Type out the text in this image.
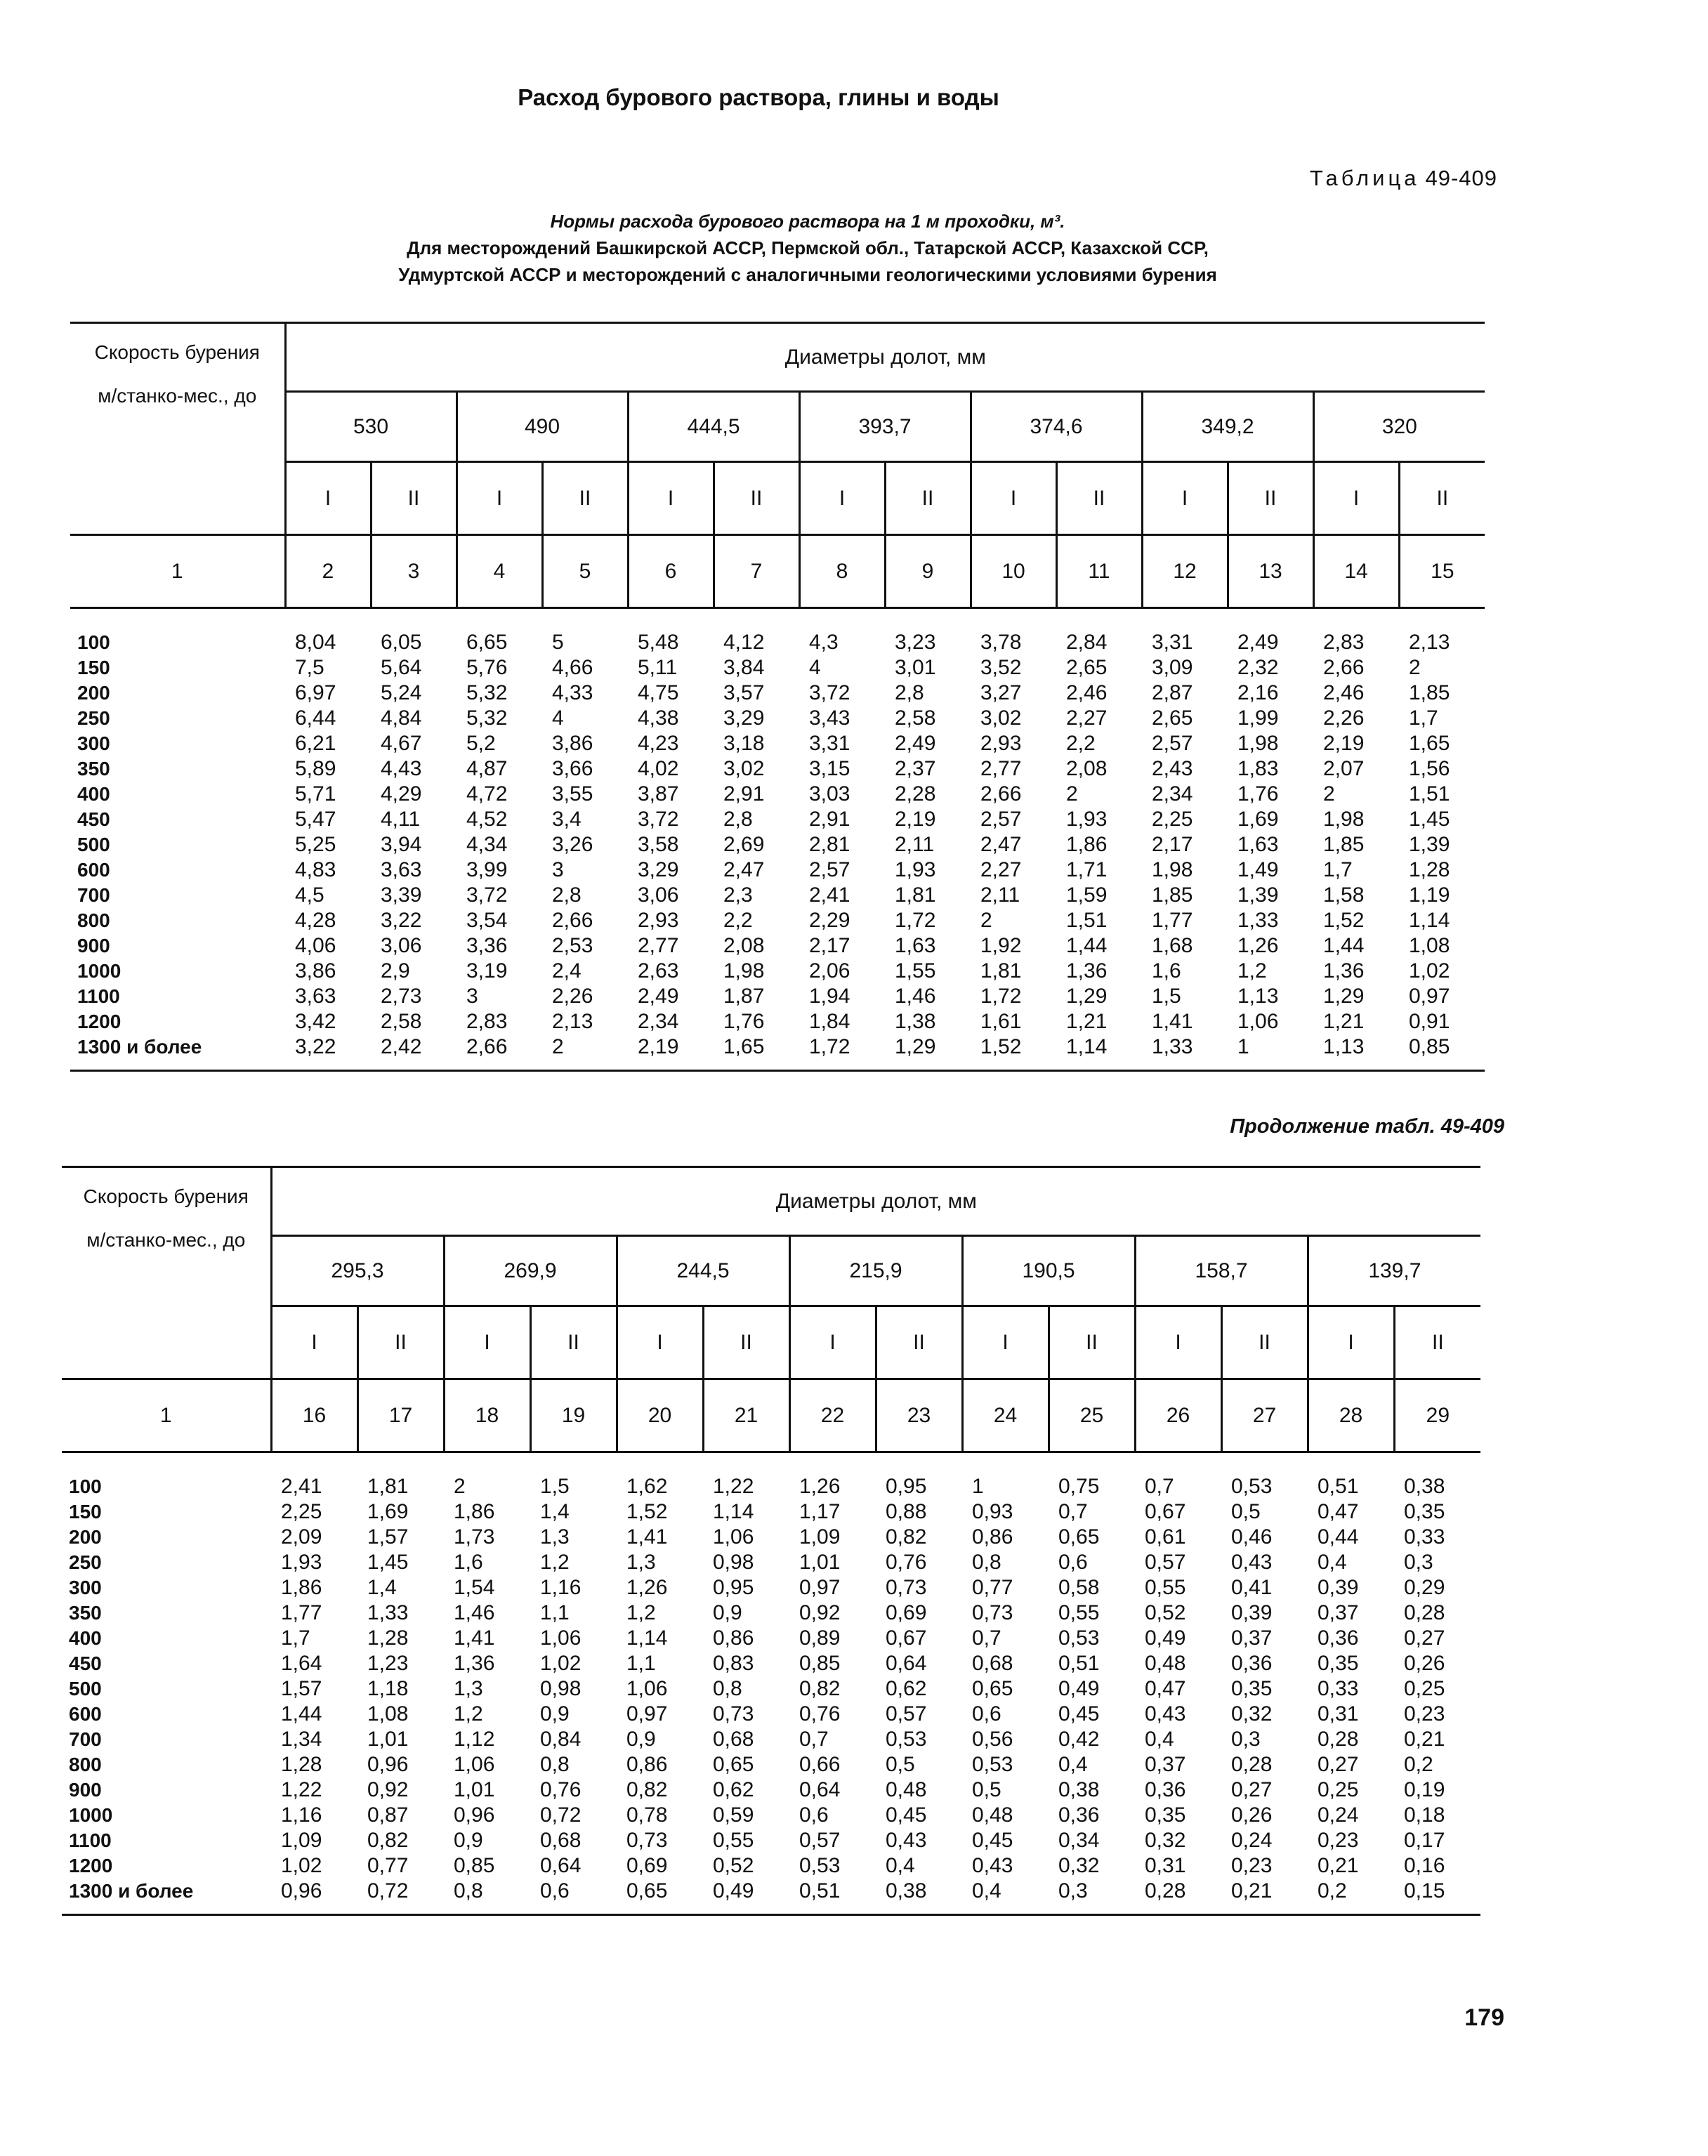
Расход бурового раствора, глины и воды
Таблица 49-409
Нормы расхода бурового раствора на 1 м проходки, м³.
Для месторождений Башкирской АССР, Пермской обл., Татарской АССР, Казахской ССР,
Удмуртской АССР и месторождений с аналогичными геологическими условиями бурения
Скорость бурения
м/станко-мес., до	Диаметры долот, мм													
	530		490		444,5		393,7		374,6		349,2		320	
	I	II	I	II	I	II	I	II	I	II	I	II	I	II
1	2	3	4	5	6	7	8	9	10	11	12	13	14	15
100	8,04	6,05	6,65	5	5,48	4,12	4,3	3,23	3,78	2,84	3,31	2,49	2,83	2,13
150	7,5	5,64	5,76	4,66	5,11	3,84	4	3,01	3,52	2,65	3,09	2,32	2,66	2
200	6,97	5,24	5,32	4,33	4,75	3,57	3,72	2,8	3,27	2,46	2,87	2,16	2,46	1,85
250	6,44	4,84	5,32	4	4,38	3,29	3,43	2,58	3,02	2,27	2,65	1,99	2,26	1,7
300	6,21	4,67	5,2	3,86	4,23	3,18	3,31	2,49	2,93	2,2	2,57	1,98	2,19	1,65
350	5,89	4,43	4,87	3,66	4,02	3,02	3,15	2,37	2,77	2,08	2,43	1,83	2,07	1,56
400	5,71	4,29	4,72	3,55	3,87	2,91	3,03	2,28	2,66	2	2,34	1,76	2	1,51
450	5,47	4,11	4,52	3,4	3,72	2,8	2,91	2,19	2,57	1,93	2,25	1,69	1,98	1,45
500	5,25	3,94	4,34	3,26	3,58	2,69	2,81	2,11	2,47	1,86	2,17	1,63	1,85	1,39
600	4,83	3,63	3,99	3	3,29	2,47	2,57	1,93	2,27	1,71	1,98	1,49	1,7	1,28
700	4,5	3,39	3,72	2,8	3,06	2,3	2,41	1,81	2,11	1,59	1,85	1,39	1,58	1,19
800	4,28	3,22	3,54	2,66	2,93	2,2	2,29	1,72	2	1,51	1,77	1,33	1,52	1,14
900	4,06	3,06	3,36	2,53	2,77	2,08	2,17	1,63	1,92	1,44	1,68	1,26	1,44	1,08
1000	3,86	2,9	3,19	2,4	2,63	1,98	2,06	1,55	1,81	1,36	1,6	1,2	1,36	1,02
1100	3,63	2,73	3	2,26	2,49	1,87	1,94	1,46	1,72	1,29	1,5	1,13	1,29	0,97
1200	3,42	2,58	2,83	2,13	2,34	1,76	1,84	1,38	1,61	1,21	1,41	1,06	1,21	0,91
1300 и более	3,22	2,42	2,66	2	2,19	1,65	1,72	1,29	1,52	1,14	1,33	1	1,13	0,85
Продолжение табл. 49-409
Скорость бурения
м/станко-мес., до	Диаметры долот, мм													
	295,3		269,9		244,5		215,9		190,5		158,7		139,7	
	I	II	I	II	I	II	I	II	I	II	I	II	I	II
1	16	17	18	19	20	21	22	23	24	25	26	27	28	29
100	2,41	1,81	2	1,5	1,62	1,22	1,26	0,95	1	0,75	0,7	0,53	0,51	0,38
150	2,25	1,69	1,86	1,4	1,52	1,14	1,17	0,88	0,93	0,7	0,67	0,5	0,47	0,35
200	2,09	1,57	1,73	1,3	1,41	1,06	1,09	0,82	0,86	0,65	0,61	0,46	0,44	0,33
250	1,93	1,45	1,6	1,2	1,3	0,98	1,01	0,76	0,8	0,6	0,57	0,43	0,4	0,3
300	1,86	1,4	1,54	1,16	1,26	0,95	0,97	0,73	0,77	0,58	0,55	0,41	0,39	0,29
350	1,77	1,33	1,46	1,1	1,2	0,9	0,92	0,69	0,73	0,55	0,52	0,39	0,37	0,28
400	1,7	1,28	1,41	1,06	1,14	0,86	0,89	0,67	0,7	0,53	0,49	0,37	0,36	0,27
450	1,64	1,23	1,36	1,02	1,1	0,83	0,85	0,64	0,68	0,51	0,48	0,36	0,35	0,26
500	1,57	1,18	1,3	0,98	1,06	0,8	0,82	0,62	0,65	0,49	0,47	0,35	0,33	0,25
600	1,44	1,08	1,2	0,9	0,97	0,73	0,76	0,57	0,6	0,45	0,43	0,32	0,31	0,23
700	1,34	1,01	1,12	0,84	0,9	0,68	0,7	0,53	0,56	0,42	0,4	0,3	0,28	0,21
800	1,28	0,96	1,06	0,8	0,86	0,65	0,66	0,5	0,53	0,4	0,37	0,28	0,27	0,2
900	1,22	0,92	1,01	0,76	0,82	0,62	0,64	0,48	0,5	0,38	0,36	0,27	0,25	0,19
1000	1,16	0,87	0,96	0,72	0,78	0,59	0,6	0,45	0,48	0,36	0,35	0,26	0,24	0,18
1100	1,09	0,82	0,9	0,68	0,73	0,55	0,57	0,43	0,45	0,34	0,32	0,24	0,23	0,17
1200	1,02	0,77	0,85	0,64	0,69	0,52	0,53	0,4	0,43	0,32	0,31	0,23	0,21	0,16
1300 и более	0,96	0,72	0,8	0,6	0,65	0,49	0,51	0,38	0,4	0,3	0,28	0,21	0,2	0,15
179
